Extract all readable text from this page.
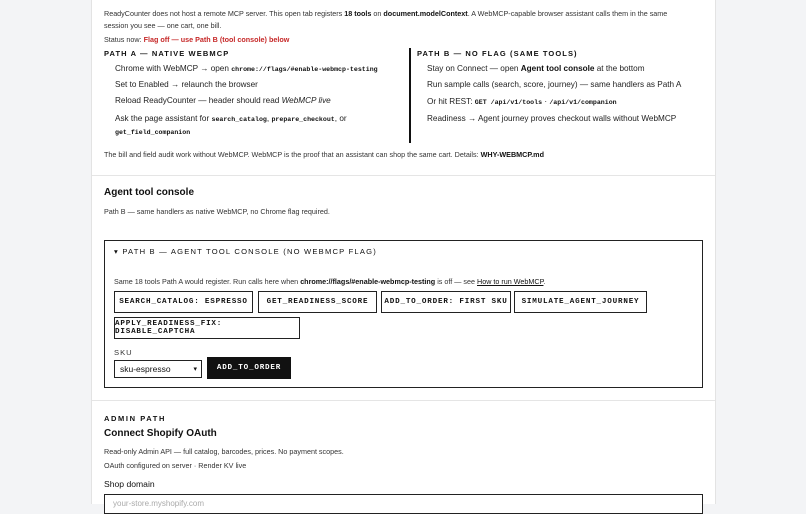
ReadyCounter does not host a remote MCP server. This open tab registers 18 tools on document.modelContext. A WebMCP-capable browser assistant calls them in the same
session you see — one cart, one bill.
Status now: Flag off — use Path B (tool console) below
PATH A — NATIVE WEBMCP
Chrome with WebMCP → open chrome://flags/#enable-webmcp-testing
Set to Enabled → relaunch the browser
Reload ReadyCounter — header should read WebMCP live
Ask the page assistant for search_catalog, prepare_checkout, or
get_field_companion
PATH B — NO FLAG (SAME TOOLS)
Stay on Connect — open Agent tool console at the bottom
Run sample calls (search, score, journey) — same handlers as Path A
Or hit REST: GET /api/v1/tools · /api/v1/companion
Readiness → Agent journey proves checkout walls without WebMCP
The bill and field audit work without WebMCP. WebMCP is the proof that an assistant can shop the same cart. Details: WHY-WEBMCP.md
Agent tool console
Path B — same handlers as native WebMCP, no Chrome flag required.
▾ PATH B — AGENT TOOL CONSOLE (NO WEBMCP FLAG)
Same 18 tools Path A would register. Run calls here when chrome://flags/#enable-webmcp-testing is off — see How to run WebMCP.
SEARCH_CATALOG: ESPRESSO	GET_READINESS_SCORE	ADD_TO_ORDER: FIRST SKU	SIMULATE_AGENT_JOURNEY
APPLY_READINESS_FIX: DISABLE_CAPTCHA
SKU
sku-espresso	▾	ADD_TO_ORDER
ADMIN PATH
Connect Shopify OAuth
Read-only Admin API — full catalog, barcodes, prices. No payment scopes.
OAuth configured on server · Render KV live
Shop domain
your-store.myshopify.com
